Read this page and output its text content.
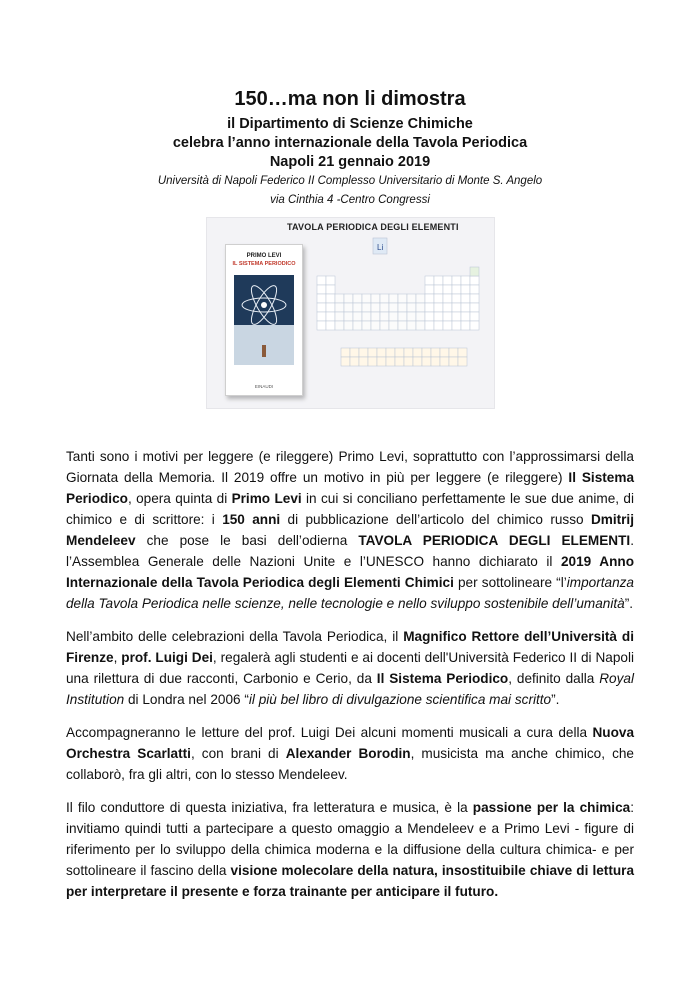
150…ma non li dimostra

il Dipartimento di Scienze Chimiche

celebra l’anno internazionale della Tavola Periodica

Napoli 21 gennaio 2019

Università di Napoli Federico II Complesso Universitario di Monte S. Angelo

via Cinthia 4 -Centro Congressi

TAVOLA PERIODICA DEGLI ELEMENTI
PRIMO LEVI
IL SISTEMA PERIODICO
EINAUDI
Li

Tanti sono i motivi per leggere (e rileggere) Primo Levi, soprattutto con l’approssimarsi della Giornata della Memoria. Il 2019 offre un motivo in più per leggere (e rileggere) Il Sistema Periodico, opera quinta di Primo Levi in cui si conciliano perfettamente le sue due anime, di chimico e di scrittore: i 150 anni di pubblicazione dell’articolo del chimico russo Dmitrij Mendeleev che pose le basi dell’odierna TAVOLA PERIODICA DEGLI ELEMENTI. l’Assemblea Generale delle Nazioni Unite e l’UNESCO hanno dichiarato il 2019 Anno Internazionale della Tavola Periodica degli Elementi Chimici per sottolineare “l’importanza della Tavola Periodica nelle scienze, nelle tecnologie e nello sviluppo sostenibile dell’umanità”.

Nell’ambito delle celebrazioni della Tavola Periodica, il Magnifico Rettore dell’Università di Firenze, prof. Luigi Dei, regalerà agli studenti e ai docenti dell'Università Federico II di Napoli una rilettura di due racconti, Carbonio e Cerio, da Il Sistema Periodico, definito dalla Royal Institution di Londra nel 2006 “il più bel libro di divulgazione scientifica mai scritto”.

Accompagneranno le letture del prof. Luigi Dei alcuni momenti musicali a cura della Nuova Orchestra Scarlatti, con brani di Alexander Borodin, musicista ma anche chimico, che collaborò, fra gli altri, con lo stesso Mendeleev.

Il filo conduttore di questa iniziativa, fra letteratura e musica, è la passione per la chimica: invitiamo quindi tutti a partecipare a questo omaggio a Mendeleev e a Primo Levi - figure di riferimento per lo sviluppo della chimica moderna e la diffusione della cultura chimica- e per sottolineare il fascino della visione molecolare della natura, insostituibile chiave di lettura per interpretare il presente e forza trainante per anticipare il futuro.
